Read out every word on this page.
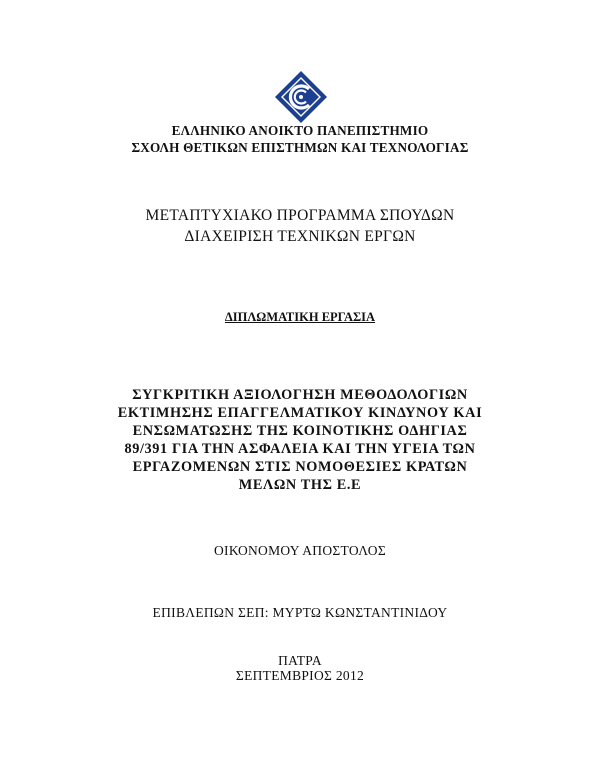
ΕΛΛΗΝΙΚΟ ΑΝΟΙΚΤΟ ΠΑΝΕΠΙΣΤΗΜΙΟ
ΣΧΟΛΗ ΘΕΤΙΚΩΝ ΕΠΙΣΤΗΜΩΝ ΚΑΙ ΤΕΧΝΟΛΟΓΙΑΣ
ΜΕΤΑΠΤΥΧΙΑΚΟ ΠΡΟΓΡΑΜΜΑ ΣΠΟΥΔΩΝ
ΔΙΑΧΕΙΡΙΣΗ ΤΕΧΝΙΚΩΝ ΕΡΓΩΝ
ΔΙΠΛΩΜΑΤΙΚΗ ΕΡΓΑΣΙΑ
ΣΥΓΚΡΙΤΙΚΗ ΑΞΙΟΛΟΓΗΣΗ ΜΕΘΟΔΟΛΟΓΙΩΝ
ΕΚΤΙΜΗΣΗΣ ΕΠΑΓΓΕΛΜΑΤΙΚΟΥ ΚΙΝΔΥΝΟΥ ΚΑΙ
ΕΝΣΩΜΑΤΩΣΗΣ ΤΗΣ ΚΟΙΝΟΤΙΚΗΣ ΟΔΗΓΙΑΣ
89/391 ΓΙΑ ΤΗΝ ΑΣΦΑΛΕΙΑ ΚΑΙ ΤΗΝ ΥΓΕΙΑ ΤΩΝ
ΕΡΓΑΖΟΜΕΝΩΝ ΣΤΙΣ ΝΟΜΟΘΕΣΙΕΣ ΚΡΑΤΩΝ
ΜΕΛΩΝ ΤΗΣ Ε.Ε
ΟΙΚΟΝΟΜΟΥ ΑΠΟΣΤΟΛΟΣ
ΕΠΙΒΛΕΠΩΝ ΣΕΠ: ΜΥΡΤΩ ΚΩΝΣΤΑΝΤΙΝΙΔΟΥ
ΠΑΤΡΑ
ΣΕΠΤΕΜΒΡΙΟΣ 2012
